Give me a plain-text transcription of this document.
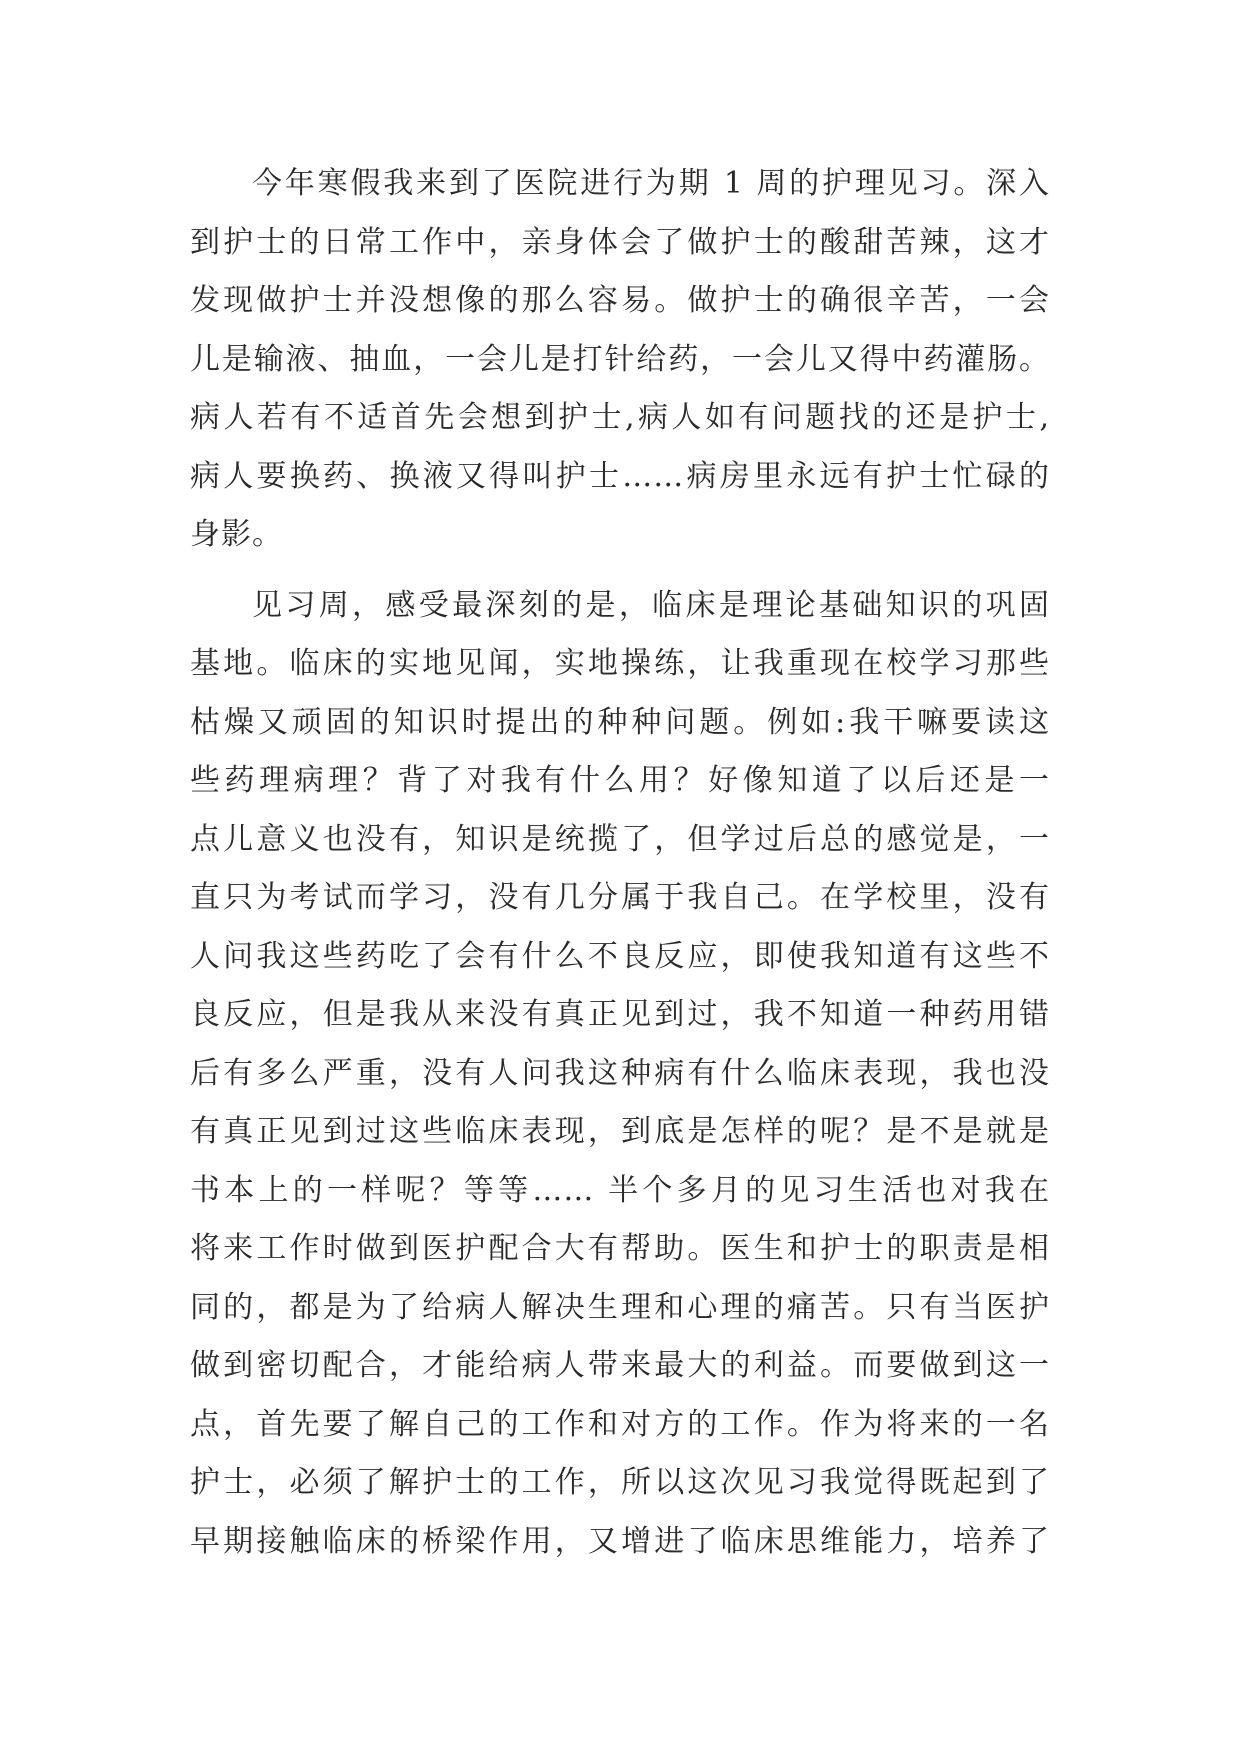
今年寒假我来到了医院进行为期 1 周的护理见习。深入
到护士的日常工作中，亲身体会了做护士的酸甜苦辣，这才
发现做护士并没想像的那么容易。做护士的确很辛苦，一会
儿是输液、抽血，一会儿是打针给药，一会儿又得中药灌肠。
病人若有不适首先会想到护士,病人如有问题找的还是护士,
病人要换药、换液又得叫护士……病房里永远有护士忙碌的
身影。
见习周，感受最深刻的是，临床是理论基础知识的巩固
基地。临床的实地见闻，实地操练，让我重现在校学习那些
枯燥又顽固的知识时提出的种种问题。例如:我干嘛要读这
些药理病理？背了对我有什么用？好像知道了以后还是一
点儿意义也没有，知识是统揽了，但学过后总的感觉是，一
直只为考试而学习，没有几分属于我自己。在学校里，没有
人问我这些药吃了会有什么不良反应，即使我知道有这些不
良反应，但是我从来没有真正见到过，我不知道一种药用错
后有多么严重，没有人问我这种病有什么临床表现，我也没
有真正见到过这些临床表现，到底是怎样的呢？是不是就是
书本上的一样呢？等等…… 半个多月的见习生活也对我在
将来工作时做到医护配合大有帮助。医生和护士的职责是相
同的，都是为了给病人解决生理和心理的痛苦。只有当医护
做到密切配合，才能给病人带来最大的利益。而要做到这一
点，首先要了解自己的工作和对方的工作。作为将来的一名
护士，必须了解护士的工作，所以这次见习我觉得既起到了
早期接触临床的桥梁作用，又增进了临床思维能力，培养了
